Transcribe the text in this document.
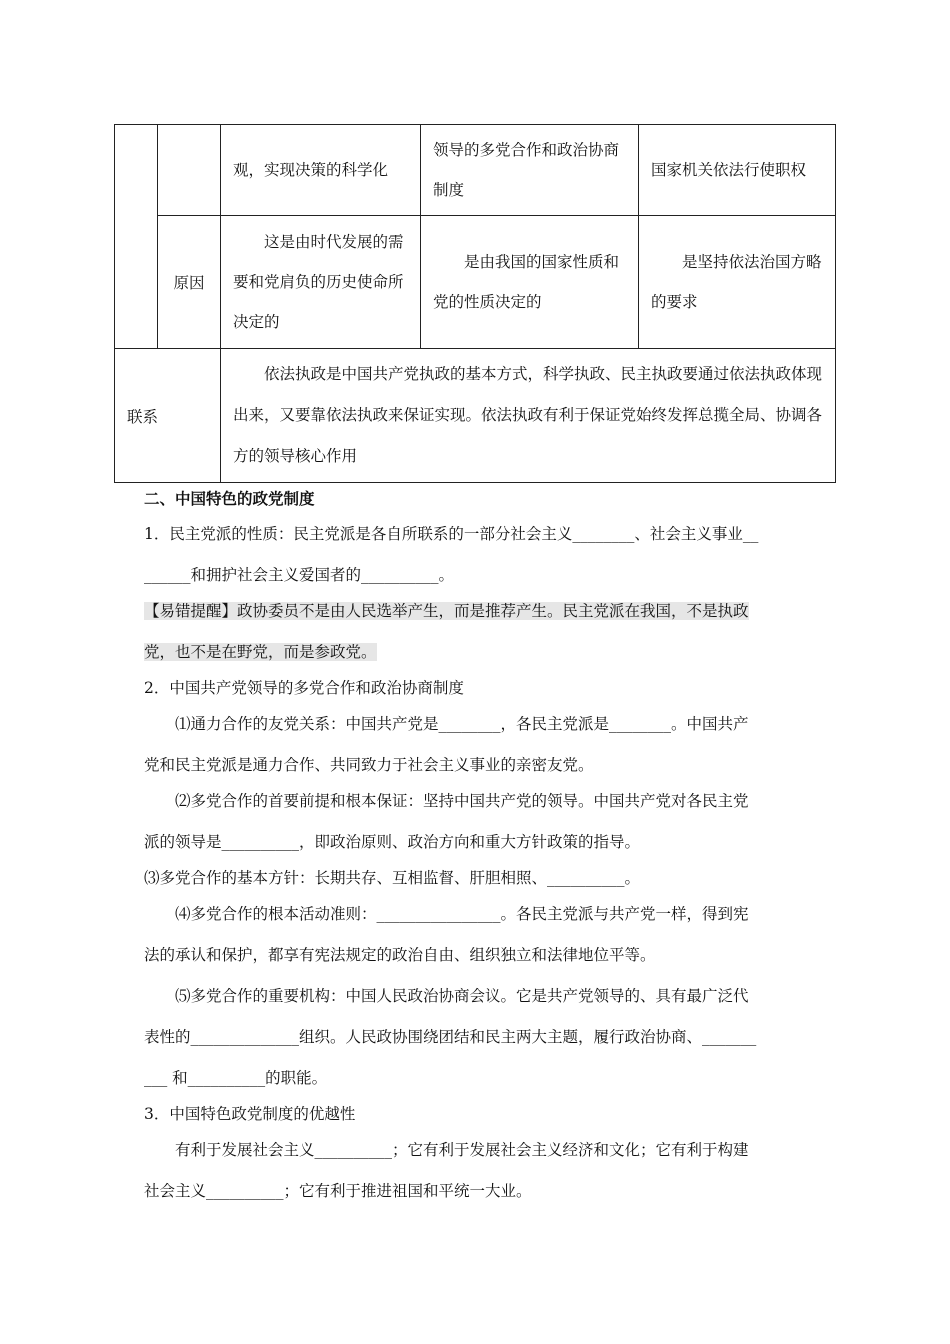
		观，实现决策的科学化	领导的多党合作和政治协商制度	国家机关依法行使职权

	原因	这是由时代发展的需要和党肩负的历史使命所决定的	是由我国的国家性质和党的性质决定的	是坚持依法治国方略的要求

联系		依法执政是中国共产党执政的基本方式，科学执政、民主执政要通过依法执政体现出来，又要靠依法执政来保证实现。依法执政有利于保证党始终发挥总揽全局、协调各方的领导核心作用		
二、中国特色的政党制度
1．民主党派的性质：民主党派是各自所联系的一部分社会主义________、社会主义事业__
______和拥护社会主义爱国者的__________。
【易错提醒】政协委员不是由人民选举产生，而是推荐产生。民主党派在我国，不是执政
党，也不是在野党，而是参政党。
2．中国共产党领导的多党合作和政治协商制度
⑴通力合作的友党关系：中国共产党是________，各民主党派是________。中国共产
党和民主党派是通力合作、共同致力于社会主义事业的亲密友党。
⑵多党合作的首要前提和根本保证：坚持中国共产党的领导。中国共产党对各民主党
派的领导是__________，即政治原则、政治方向和重大方针政策的指导。
⑶多党合作的基本方针：长期共存、互相监督、肝胆相照、__________。
⑷多党合作的根本活动准则：________________。各民主党派与共产党一样，得到宪
法的承认和保护，都享有宪法规定的政治自由、组织独立和法律地位平等。
⑸多党合作的重要机构：中国人民政治协商会议。它是共产党领导的、具有最广泛代
表性的______________组织。人民政协围绕团结和民主两大主题，履行政治协商、_______
___ 和__________的职能。
3．中国特色政党制度的优越性
有利于发展社会主义__________；它有利于发展社会主义经济和文化；它有利于构建
社会主义__________；它有利于推进祖国和平统一大业。
